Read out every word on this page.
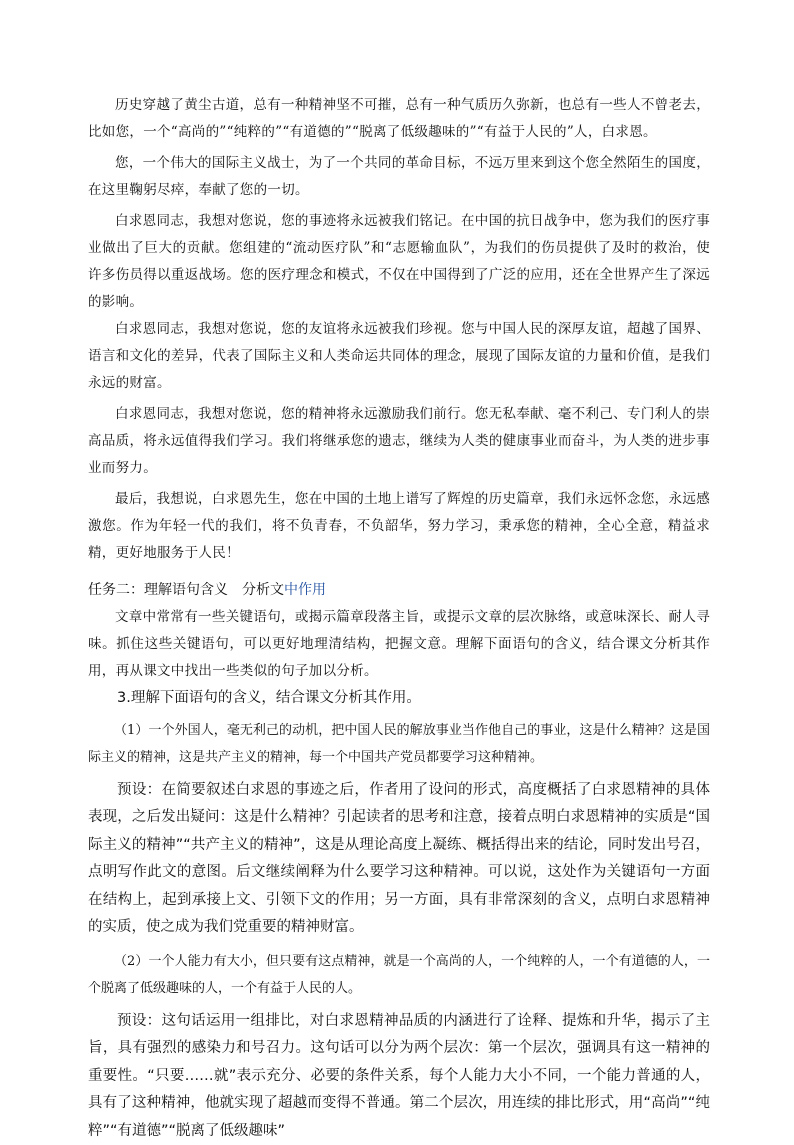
历史穿越了黄尘古道，总有一种精神坚不可摧，总有一种气质历久弥新，也总有一些人不曾老去，比如您，一个“高尚的”“纯粹的”“有道德的”“脱离了低级趣味的”“有益于人民的”人，白求恩。

您，一个伟大的国际主义战士，为了一个共同的革命目标，不远万里来到这个您全然陌生的国度，在这里鞠躬尽瘁，奉献了您的一切。

白求恩同志，我想对您说，您的事迹将永远被我们铭记。在中国的抗日战争中，您为我们的医疗事业做出了巨大的贡献。您组建的“流动医疗队”和“志愿输血队”，为我们的伤员提供了及时的救治，使许多伤员得以重返战场。您的医疗理念和模式，不仅在中国得到了广泛的应用，还在全世界产生了深远的影响。

白求恩同志，我想对您说，您的友谊将永远被我们珍视。您与中国人民的深厚友谊，超越了国界、语言和文化的差异，代表了国际主义和人类命运共同体的理念，展现了国际友谊的力量和价值，是我们永远的财富。

白求恩同志，我想对您说，您的精神将永远激励我们前行。您无私奉献、毫不利己、专门利人的崇高品质，将永远值得我们学习。我们将继承您的遗志，继续为人类的健康事业而奋斗，为人类的进步事业而努力。

最后，我想说，白求恩先生，您在中国的土地上谱写了辉煌的历史篇章，我们永远怀念您，永远感激您。作为年轻一代的我们，将不负青春，不负韶华，努力学习，秉承您的精神，全心全意，精益求精，更好地服务于人民！

任务二：理解语句含义 分析文中作用

文章中常常有一些关键语句，或揭示篇章段落主旨，或提示文章的层次脉络，或意味深长、耐人寻味。抓住这些关键语句，可以更好地理清结构，把握文意。理解下面语句的含义，结合课文分析其作用，再从课文中找出一些类似的句子加以分析。

3.理解下面语句的含义，结合课文分析其作用。

（1）一个外国人，毫无利己的动机，把中国人民的解放事业当作他自己的事业，这是什么精神？这是国际主义的精神，这是共产主义的精神，每一个中国共产党员都要学习这种精神。

预设：在简要叙述白求恩的事迹之后，作者用了设问的形式，高度概括了白求恩精神的具体表现，之后发出疑问：这是什么精神？引起读者的思考和注意，接着点明白求恩精神的实质是“国际主义的精神”“共产主义的精神”，这是从理论高度上凝练、概括得出来的结论，同时发出号召，点明写作此文的意图。后文继续阐释为什么要学习这种精神。可以说，这处作为关键语句一方面在结构上，起到承接上文、引领下文的作用；另一方面，具有非常深刻的含义，点明白求恩精神的实质，使之成为我们党重要的精神财富。

（2）一个人能力有大小，但只要有这点精神，就是一个高尚的人，一个纯粹的人，一个有道德的人，一个脱离了低级趣味的人，一个有益于人民的人。

预设：这句话运用一组排比，对白求恩精神品质的内涵进行了诠释、提炼和升华，揭示了主旨，具有强烈的感染力和号召力。这句话可以分为两个层次：第一个层次，强调具有这一精神的重要性。“只要……就”表示充分、必要的条件关系，每个人能力大小不同，一个能力普通的人，具有了这种精神，他就实现了超越而变得不普通。第二个层次，用连续的排比形式，用“高尚”“纯粹”“有道德”“脱离了低级趣味”
